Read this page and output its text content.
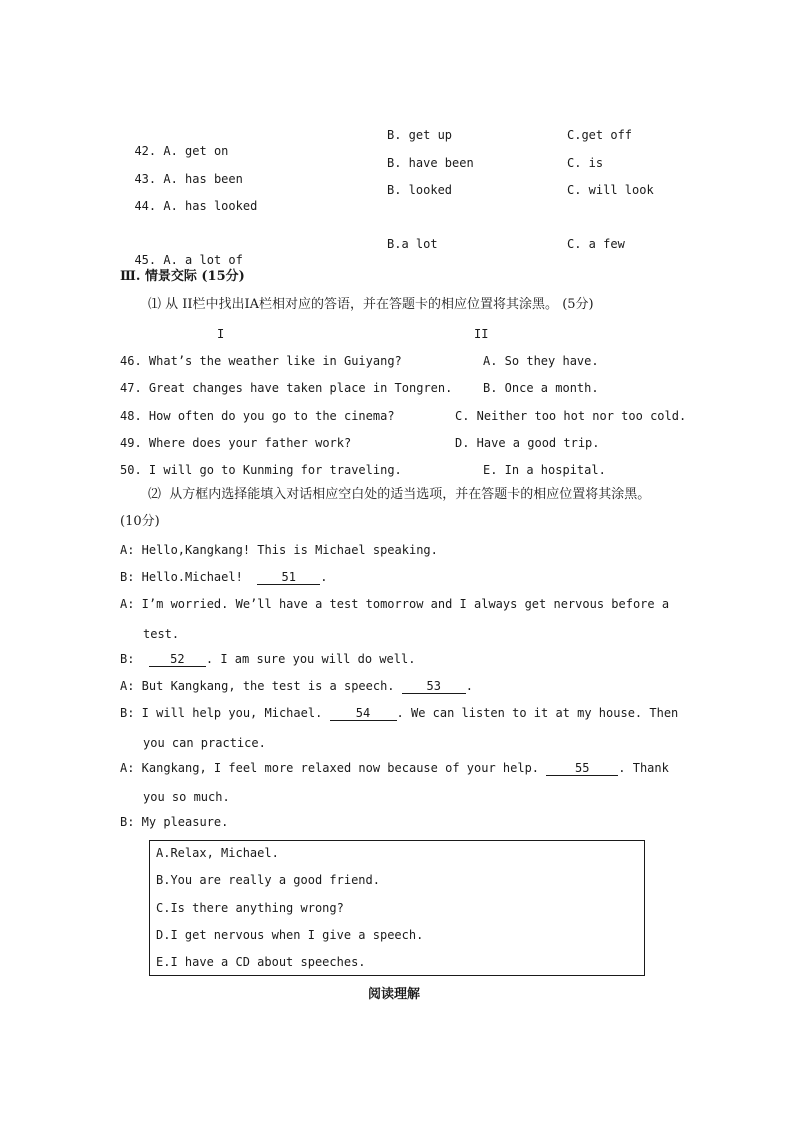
42. A. get on
B. get up	C.get off

43. A. has been
B. have been	C. is

44. A. has looked
B. looked	C. will look

45. A. a lot of
B.a lot	C. a few
Ⅲ. 情景交际 (15分)
⑴ 从 II栏中找出IA栏相对应的答语，并在答题卡的相应位置将其涂黑。 (5分)
I	II
46. What’s the weather like in Guiyang?	A. So they have.
47. Great changes have taken place in Tongren.	B. Once a month.
48. How often do you go to the cinema?	C. Neither too hot nor too cold.
49. Where does your father work?	D. Have a good trip.
50. I will go to Kunming for traveling.	E. In a hospital.
⑵  从方框内选择能填入对话相应空白处的适当选项，并在答题卡的相应位置将其涂黑。
(10分)
A: Hello,Kangkang! This is Michael speaking.
B: Hello.Michael!  51 .
A: I’m worried. We’ll have a test tomorrow and I always get nervous before a
test.
B:  52 . I am sure you will do well.
A: But Kangkang, the test is a speech. 53 .
B: I will help you, Michael. 54 . We can listen to it at my house. Then
you can practice.
A: Kangkang, I feel more relaxed now because of your help. 55 . Thank
you so much.
B: My pleasure.
A.Relax, Michael.
B.You are really a good friend.
C.Is there anything wrong?
D.I get nervous when I give a speech.
E.I have a CD about speeches.
阅读理解
